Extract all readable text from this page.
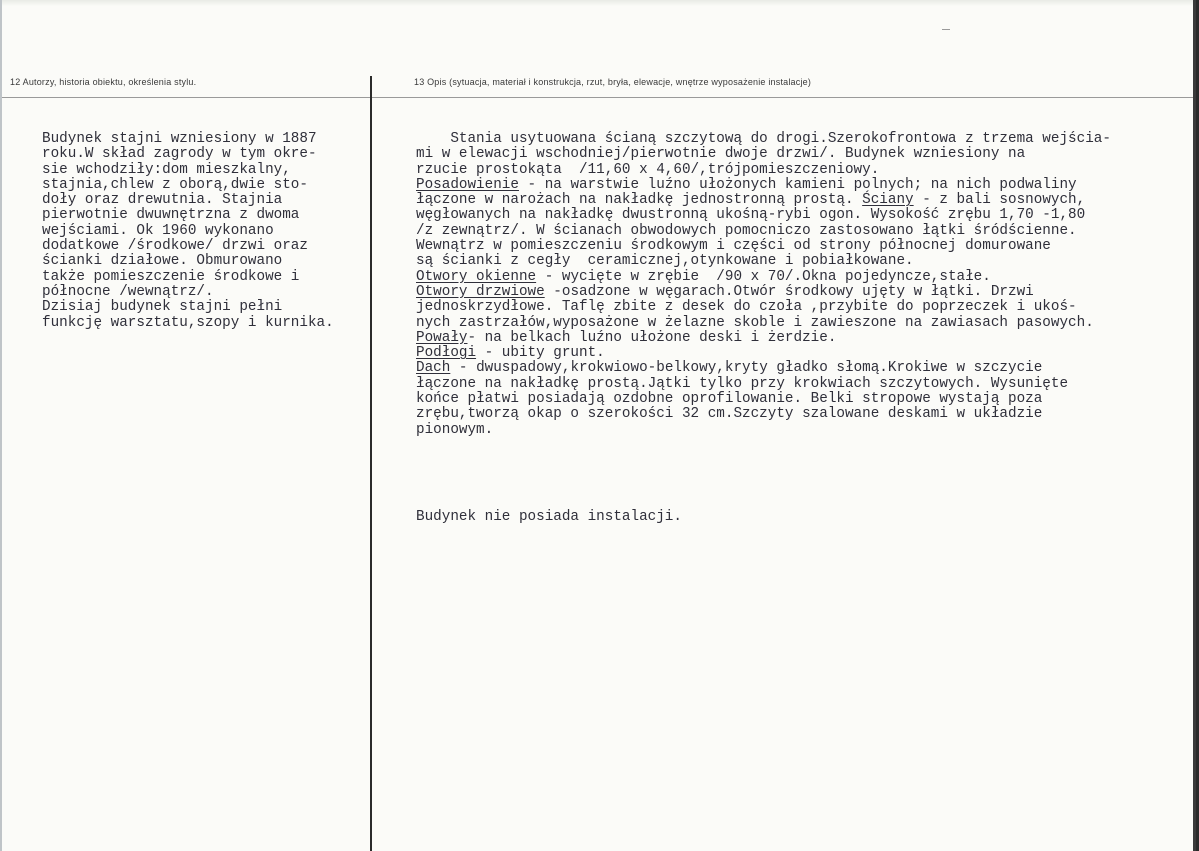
12 Autorzy, historia obiektu, określenia stylu.	13 Opis (sytuacja, materiał i konstrukcja, rzut, bryła, elewacje, wnętrze wyposażenie instalacje)
Budynek stajni wzniesiony w 1887
roku.W skład zagrody w tym okre-
sie wchodziły:dom mieszkalny,
stajnia,chlew z oborą,dwie sto-
doły oraz drewutnia. Stajnia
pierwotnie dwuwnętrzna z dwoma
wejściami. Ok 1960 wykonano
dodatkowe /środkowe/ drzwi oraz
ścianki działowe. Obmurowano
także pomieszczenie środkowe i
północne /wewnątrz/.
Dzisiaj budynek stajni pełni
funkcję warsztatu,szopy i kurnika.
Stania usytuowana ścianą szczytową do drogi.Szerokofrontowa z trzema wejścia-
mi w elewacji wschodniej/pierwotnie dwoje drzwi/. Budynek wzniesiony na
rzucie prostokąta  /11,60 x 4,60/,trójpomieszczeniowy.
Posadowienie - na warstwie luźno ułożonych kamieni polnych; na nich podwaliny
łączone w narożach na nakładkę jednostronną prostą. Ściany - z bali sosnowych,
węgłowanych na nakładkę dwustronną ukośną-rybi ogon. Wysokość zrębu 1,70 -1,80
/z zewnątrz/. W ścianach obwodowych pomocniczo zastosowano łątki śródścienne.
Wewnątrz w pomieszczeniu środkowym i części od strony północnej domurowane
są ścianki z cegły  ceramicznej,otynkowane i pobiałkowane.
Otwory okienne - wycięte w zrębie  /90 x 70/.Okna pojedyncze,stałe.
Otwory drzwiowe -osadzone w węgarach.Otwór środkowy ujęty w łątki. Drzwi
jednoskrzydłowe. Taflę zbite z desek do czoła ,przybite do poprzeczek i ukoś-
nych zastrzałów,wyposażone w żelazne skoble i zawieszone na zawiasach pasowych.
Powały- na belkach luźno ułożone deski i żerdzie.
Podłogi - ubity grunt.
Dach - dwuspadowy,krokwiowo-belkowy,kryty gładko słomą.Krokiwe w szczycie
łączone na nakładkę prostą.Jątki tylko przy krokwiach szczytowych. Wysunięte
końce płatwi posiadają ozdobne oprofilowanie. Belki stropowe wystają poza
zrębu,tworzą okap o szerokości 32 cm.Szczyty szalowane deskami w układzie
pionowym.
Budynek nie posiada instalacji.
